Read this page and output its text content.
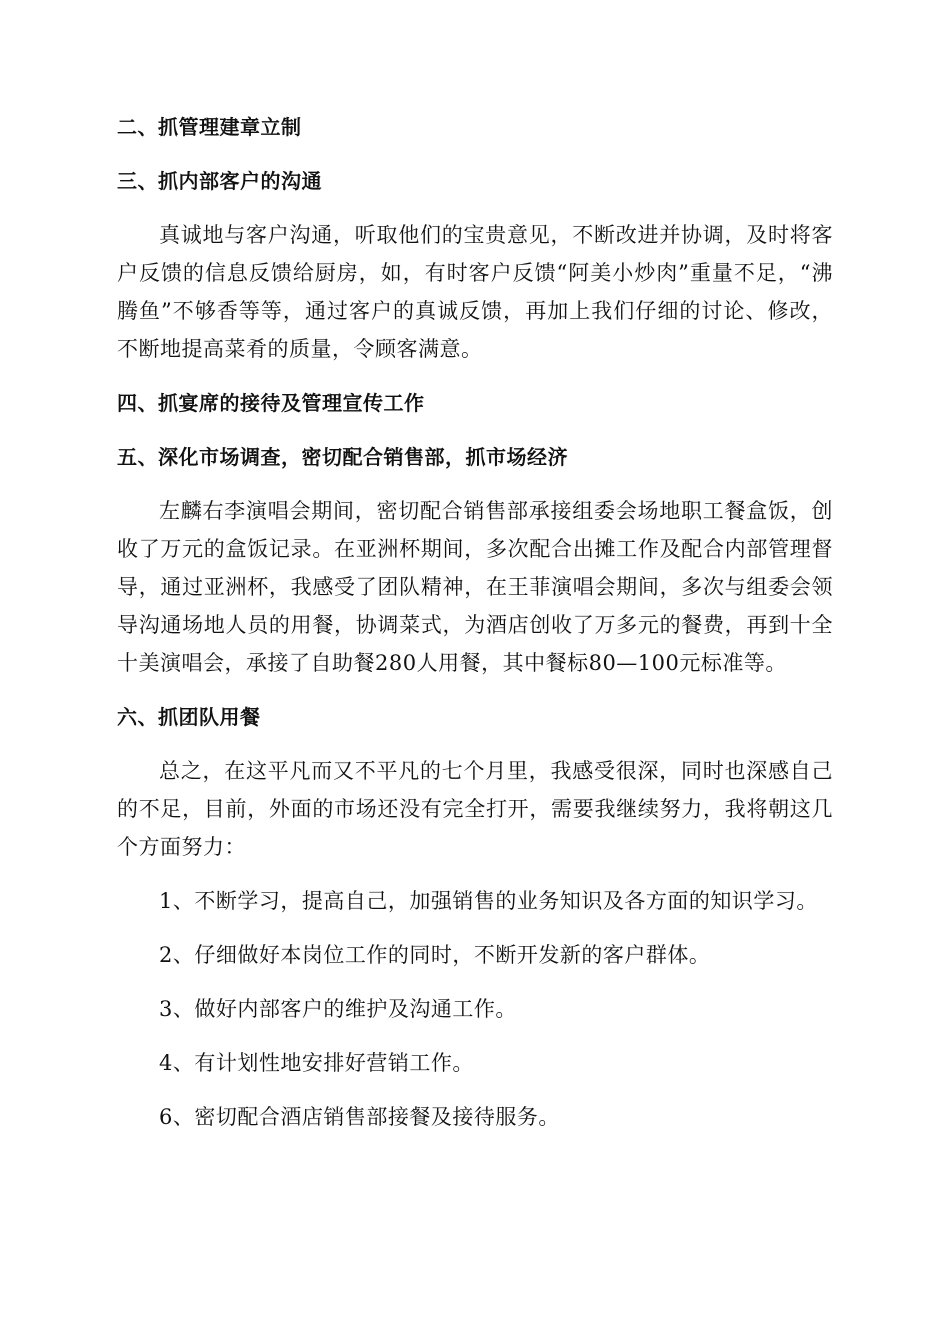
二、抓管理建章立制
三、抓内部客户的沟通
真诚地与客户沟通，听取他们的宝贵意见，不断改进并协调，及时将客户反馈的信息反馈给厨房，如，有时客户反馈“阿美小炒肉”重量不足，“沸腾鱼”不够香等等，通过客户的真诚反馈，再加上我们仔细的讨论、修改，不断地提高菜肴的质量，令顾客满意。
四、抓宴席的接待及管理宣传工作
五、深化市场调查，密切配合销售部，抓市场经济
左麟右李演唱会期间，密切配合销售部承接组委会场地职工餐盒饭，创收了万元的盒饭记录。在亚洲杯期间，多次配合出摊工作及配合内部管理督导，通过亚洲杯，我感受了团队精神，在王菲演唱会期间，多次与组委会领导沟通场地人员的用餐，协调菜式，为酒店创收了万多元的餐费，再到十全十美演唱会，承接了自助餐280人用餐，其中餐标80—100元标准等。
六、抓团队用餐
总之，在这平凡而又不平凡的七个月里，我感受很深，同时也深感自己的不足，目前，外面的市场还没有完全打开，需要我继续努力，我将朝这几个方面努力：
1、不断学习，提高自己，加强销售的业务知识及各方面的知识学习。
2、仔细做好本岗位工作的同时，不断开发新的客户群体。
3、做好内部客户的维护及沟通工作。
4、有计划性地安排好营销工作。
6、密切配合酒店销售部接餐及接待服务。
